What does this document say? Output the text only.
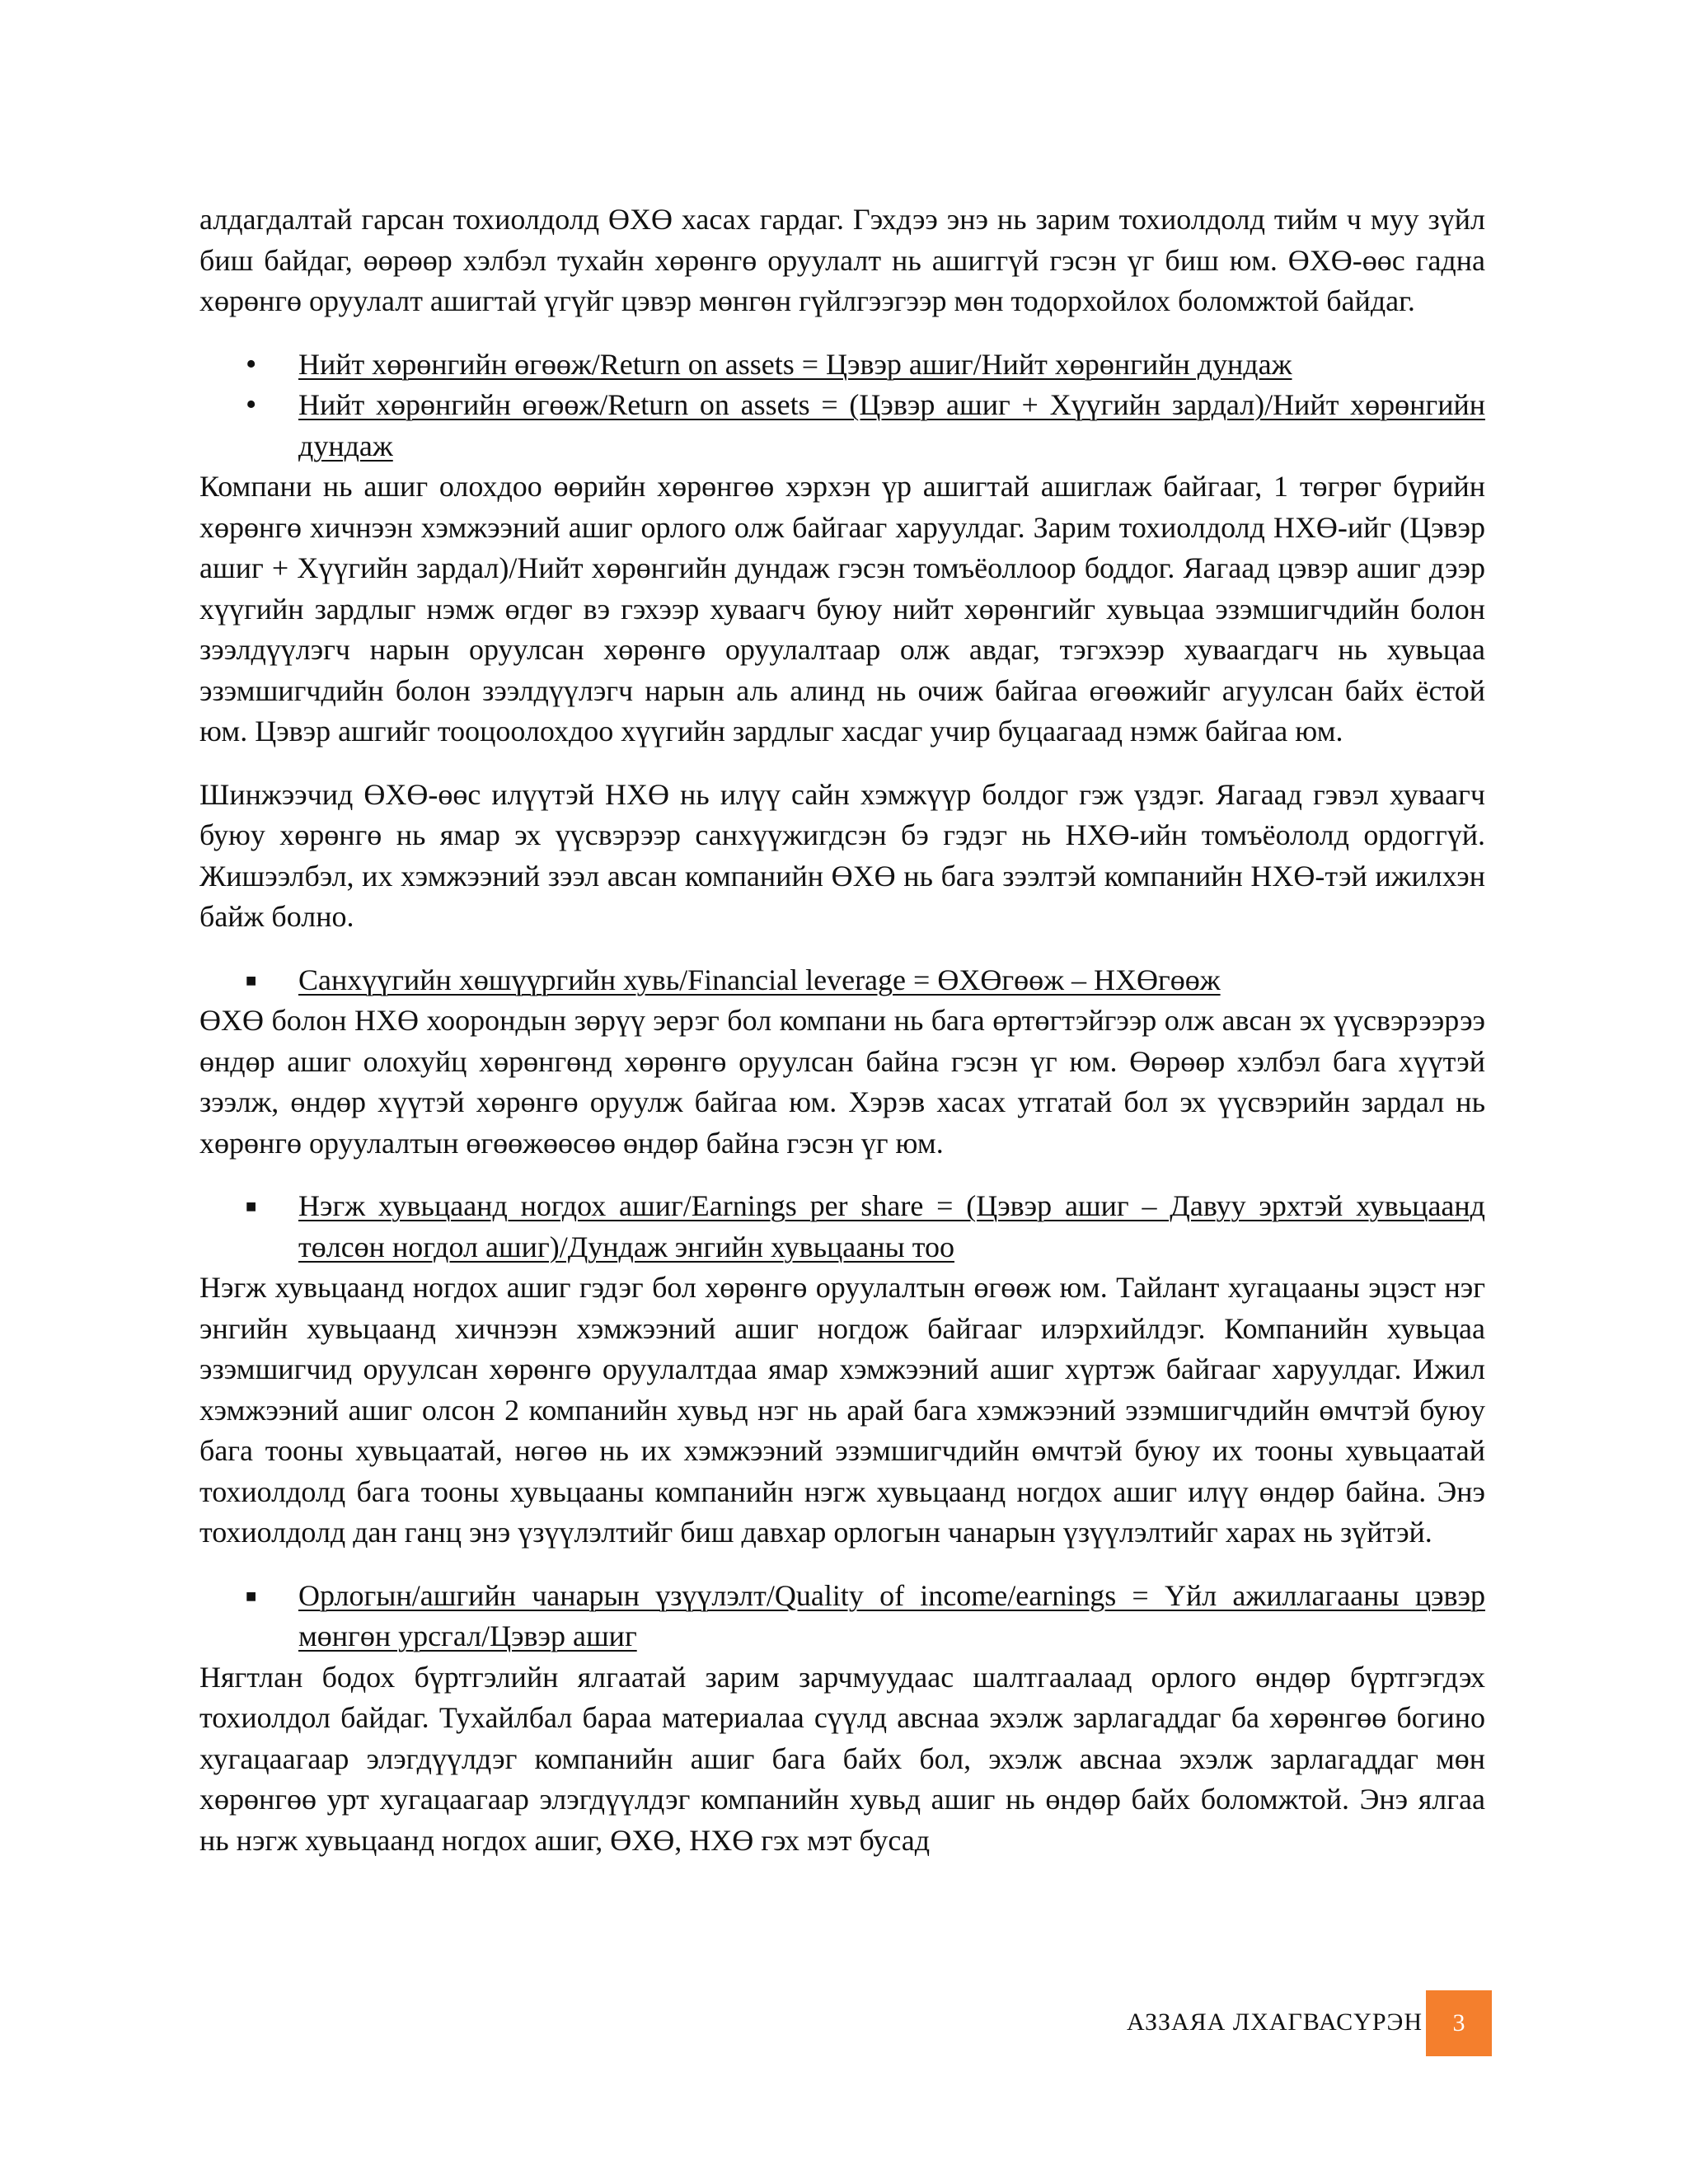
алдагдалтай гарсан тохиолдолд ӨХӨ хасах гардаг. Гэхдээ энэ нь зарим тохиолдолд тийм ч муу зүйл биш байдаг, өөрөөр хэлбэл тухайн хөрөнгө оруулалт нь ашиггүй гэсэн үг биш юм. ӨХӨ-өөс гадна хөрөнгө оруулалт ашигтай үгүйг цэвэр мөнгөн гүйлгээгээр мөн тодорхойлох боломжтой байдаг.

•	Нийт хөрөнгийн өгөөж/Return on assets = Цэвэр ашиг/Нийт хөрөнгийн дундаж
•	Нийт хөрөнгийн өгөөж/Return on assets = (Цэвэр ашиг + Хүүгийн зардал)/Нийт хөрөнгийн дундаж

Компани нь ашиг олохдоо өөрийн хөрөнгөө хэрхэн үр ашигтай ашиглаж байгааг, 1 төгрөг бүрийн хөрөнгө хичнээн хэмжээний ашиг орлого олж байгааг харуулдаг. Зарим тохиолдолд НХӨ-ийг (Цэвэр ашиг + Хүүгийн зардал)/Нийт хөрөнгийн дундаж гэсэн томъёоллоор боддог. Яагаад цэвэр ашиг дээр хүүгийн зардлыг нэмж өгдөг вэ гэхээр хуваагч буюу нийт хөрөнгийг хувьцаа эзэмшигчдийн болон зээлдүүлэгч нарын оруулсан хөрөнгө оруулалтаар олж авдаг, тэгэхээр хуваагдагч нь хувьцаа эзэмшигчдийн болон зээлдүүлэгч нарын аль алинд нь очиж байгаа өгөөжийг агуулсан байх ёстой юм. Цэвэр ашгийг тооцоолохдоо хүүгийн зардлыг хасдаг учир буцаагаад нэмж байгаа юм.

Шинжээчид ӨХӨ-өөс илүүтэй НХӨ нь илүү сайн хэмжүүр болдог гэж үздэг. Яагаад гэвэл хуваагч буюу хөрөнгө нь ямар эх үүсвэрээр санхүүжигдсэн бэ гэдэг нь НХӨ-ийн томъёололд ордоггүй. Жишээлбэл, их хэмжээний зээл авсан компанийн ӨХӨ нь бага зээлтэй компанийн НХӨ-тэй ижилхэн байж болно.

■	Санхүүгийн хөшүүргийн хувь/Financial leverage = ӨХӨгөөж – НХӨгөөж

ӨХӨ болон НХӨ хоорондын зөрүү эерэг бол компани нь бага өртөгтэйгээр олж авсан эх үүсвэрээрээ өндөр ашиг олохуйц хөрөнгөнд хөрөнгө оруулсан байна гэсэн үг юм. Өөрөөр хэлбэл бага хүүтэй зээлж, өндөр хүүтэй хөрөнгө оруулж байгаа юм. Хэрэв хасах утгатай бол эх үүсвэрийн зардал нь хөрөнгө оруулалтын өгөөжөөсөө өндөр байна гэсэн үг юм.

■	Нэгж хувьцаанд ногдох ашиг/Earnings per share = (Цэвэр ашиг – Давуу эрхтэй хувьцаанд төлсөн ногдол ашиг)/Дундаж энгийн хувьцааны тоо

Нэгж хувьцаанд ногдох ашиг гэдэг бол хөрөнгө оруулалтын өгөөж юм. Тайлант хугацааны эцэст нэг энгийн хувьцаанд хичнээн хэмжээний ашиг ногдож байгааг илэрхийлдэг. Компанийн хувьцаа эзэмшигчид оруулсан хөрөнгө оруулалтдаа ямар хэмжээний ашиг хүртэж байгааг харуулдаг. Ижил хэмжээний ашиг олсон 2 компанийн хувьд нэг нь арай бага хэмжээний эзэмшигчдийн өмчтэй буюу бага тооны хувьцаатай, нөгөө нь их хэмжээний эзэмшигчдийн өмчтэй буюу их тооны хувьцаатай тохиолдолд бага тооны хувьцааны компанийн нэгж хувьцаанд ногдох ашиг илүү өндөр байна. Энэ тохиолдолд дан ганц энэ үзүүлэлтийг биш давхар орлогын чанарын үзүүлэлтийг харах нь зүйтэй.

■	Орлогын/ашгийн чанарын үзүүлэлт/Quality of income/earnings = Үйл ажиллагааны цэвэр мөнгөн урсгал/Цэвэр ашиг

Нягтлан бодох бүртгэлийн ялгаатай зарим зарчмуудаас шалтгаалаад орлого өндөр бүртгэгдэх тохиолдол байдаг. Тухайлбал бараа материалаа сүүлд авснаа эхэлж зарлагаддаг ба хөрөнгөө богино хугацаагаар элэгдүүлдэг компанийн ашиг бага байх бол, эхэлж авснаа эхэлж зарлагаддаг мөн хөрөнгөө урт хугацаагаар элэгдүүлдэг компанийн хувьд ашиг нь өндөр байх боломжтой. Энэ ялгаа нь нэгж хувьцаанд ногдох ашиг, ӨХӨ, НХӨ гэх мэт бусад

АЗЗАЯА ЛХАГВАСҮРЭН 3
